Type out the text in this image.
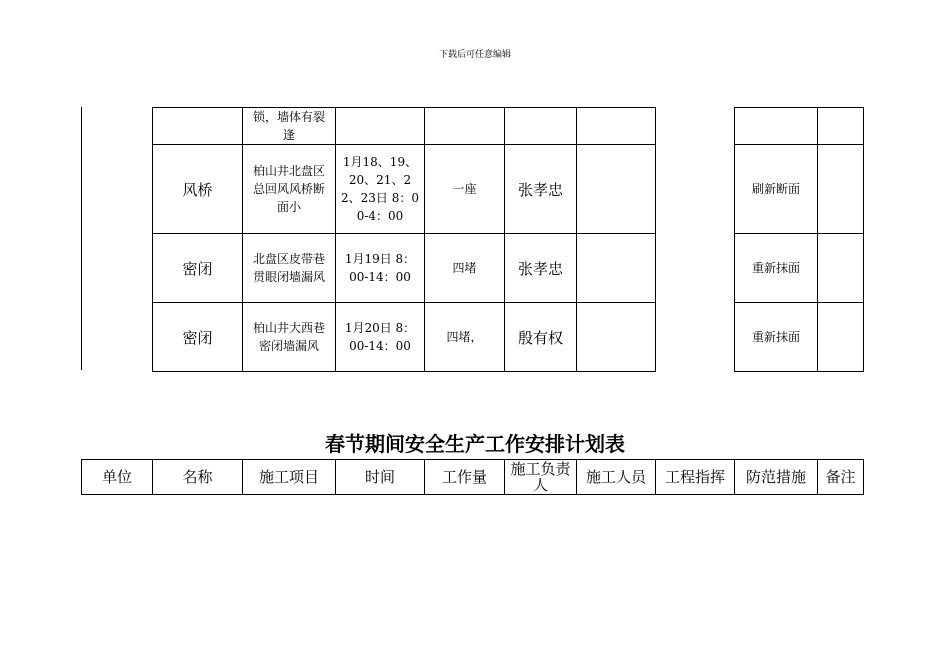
下载后可任意编辑

	锁，墙体有裂逢							

风桥	柏山井北盘区总回风风桥断面小	1月18、19、20、21、22、23日 8：00-4：00	一座	张孝忠			刷新断面	
密闭	北盘区皮带巷贯眼闭墙漏风	1月19日 8：00-14：00	四堵	张孝忠			重新抹面	
密闭	柏山井大西巷密闭墙漏风	1月20日 8：00-14：00	四堵，	殷有权			重新抹面	
春节期间安全生产工作安排计划表
单位	名称	施工项目	时间	工作量	施工负责人	施工人员	工程指挥	防范措施	备注
